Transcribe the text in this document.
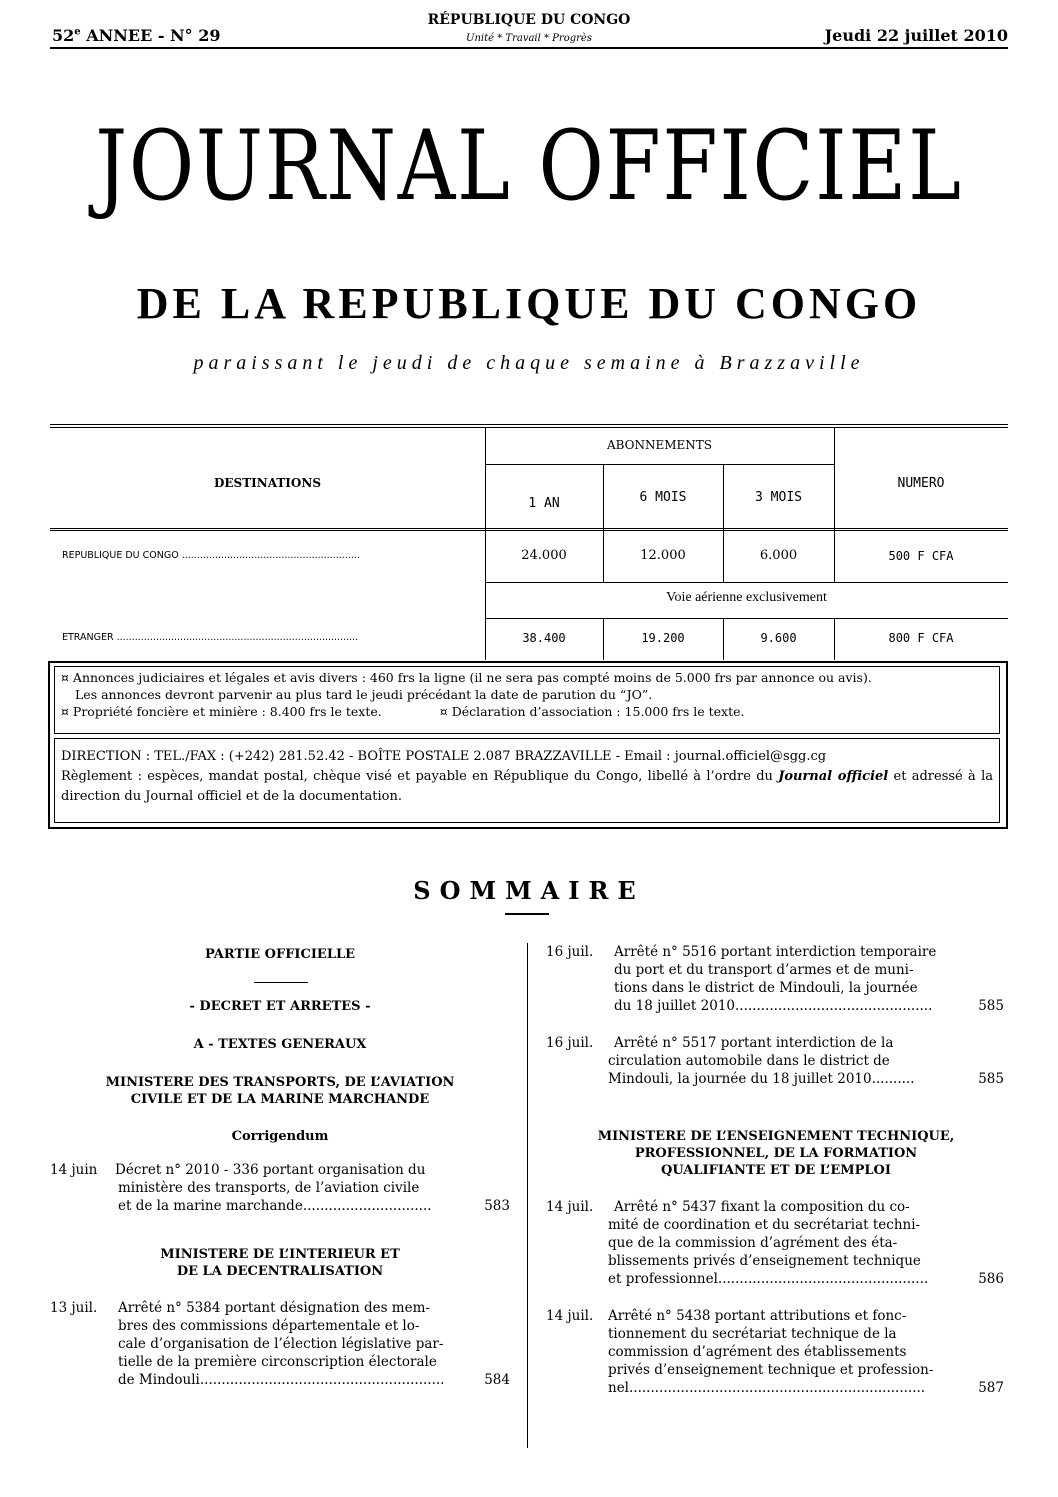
52e ANNEE - N° 29
RÉPUBLIQUE DU CONGO
Unité * Travail * Progrès	Jeudi 22 juillet 2010
JOURNAL OFFICIEL
DE LA REPUBLIQUE DU CONGO
paraissant le jeudi de chaque semaine à Brazzaville
DESTINATIONS
ABONNEMENTS
NUMERO
1 AN	6 MOIS	3 MOIS
REPUBLIQUE DU CONGO ...........................................................	24.000	12.000	6.000	500 F CFA
Voie aérienne exclusivement
ETRANGER ................................................................................	38.400	19.200	9.600	800 F CFA
¤ Annonces judiciaires et légales et avis divers : 460 frs la ligne (il ne sera pas compté moins de 5.000 frs par annonce ou avis).
Les annonces devront parvenir au plus tard le jeudi précédant la date de parution du “JO”.
¤ Propriété foncière et minière : 8.400 frs le texte.	¤ Déclaration d’association : 15.000 frs le texte.
DIRECTION : TEL./FAX : (+242) 281.52.42 - BOÎTE POSTALE 2.087 BRAZZAVILLE - Email : journal.officiel@sgg.cg
Règlement : espèces, mandat postal, chèque visé et payable en République du Congo, libellé à l’ordre du Journal officiel et adressé à la direction du Journal officiel et de la documentation.
SOMMAIRE
PARTIE OFFICIELLE
- DECRET ET ARRETES -
A - TEXTES GENERAUX
MINISTERE DES TRANSPORTS, DE L’AVIATION
CIVILE ET DE LA MARINE MARCHANDE
Corrigendum
14 juin Décret n° 2010 - 336 portant organisation du
ministère des transports, de l’aviation civile
et de la marine marchande..............................	583
MINISTERE DE L’INTERIEUR ET
DE LA DECENTRALISATION
13 juil. Arrêté n° 5384 portant désignation des mem-
bres des commissions départementale et lo-
cale d’organisation de l’élection législative par-
tielle de la première circonscription électorale
de Mindouli.........................................................	584
16 juil. Arrêté n° 5516 portant interdiction temporaire
du port et du transport d’armes et de muni-
tions dans le district de Mindouli, la journée
du 18 juillet 2010..............................................	585
16 juil. Arrêté n° 5517 portant interdiction de la
circulation automobile dans le district de
Mindouli, la journée du 18 juillet 2010..........	585
MINISTERE DE L’ENSEIGNEMENT TECHNIQUE,
PROFESSIONNEL, DE LA FORMATION
QUALIFIANTE ET DE L’EMPLOI
14 juil. Arrêté n° 5437 fixant la composition du co-
mité de coordination et du secrétariat techni-
que de la commission d’agrément des éta-
blissements privés d’enseignement technique
et professionnel.................................................	586
14 juil. Arrêté n° 5438 portant attributions et fonc-
tionnement du secrétariat technique de la
commission d’agrément des établissements
privés d’enseignement technique et profession-
nel.....................................................................	587
